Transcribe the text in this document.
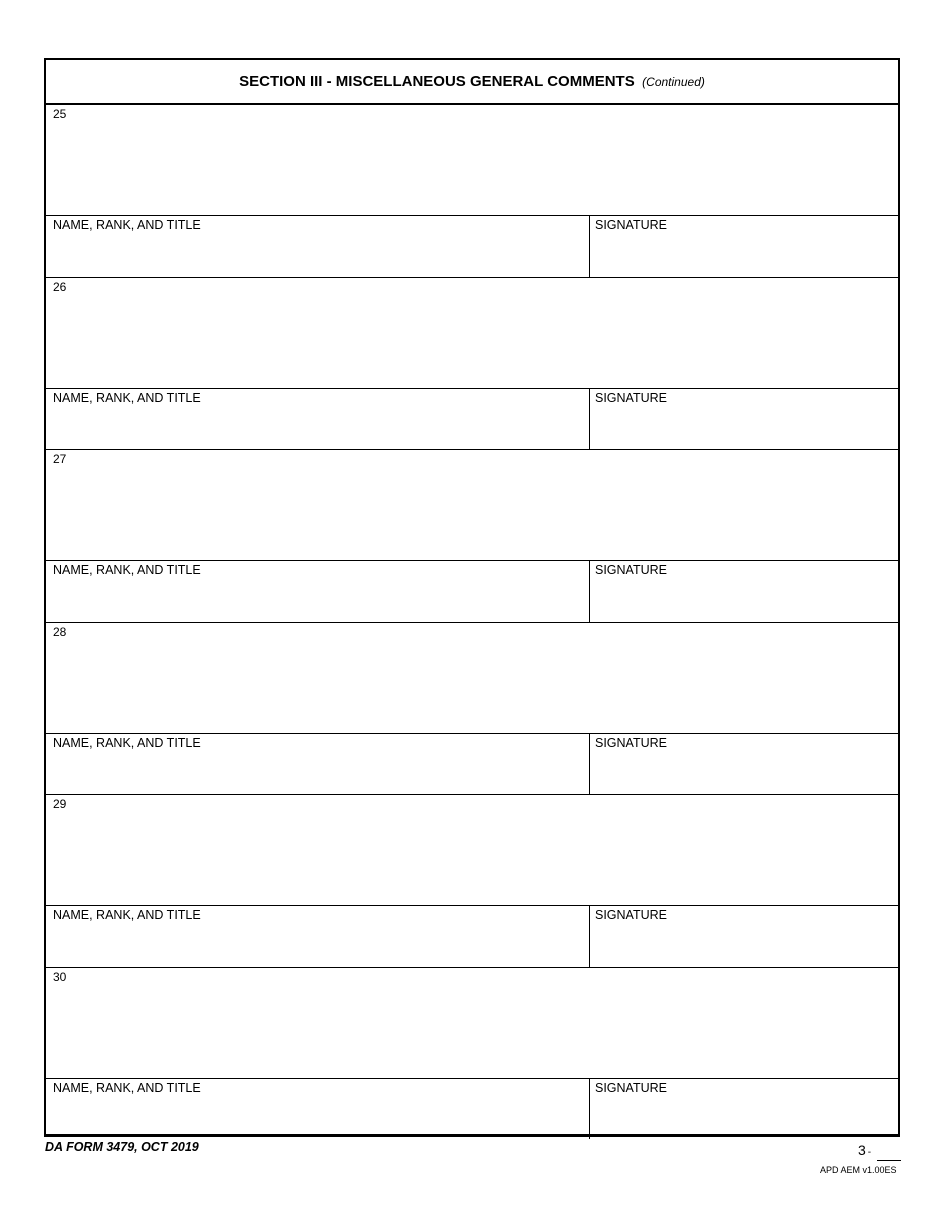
SECTION III - MISCELLANEOUS GENERAL COMMENTS (Continued)
25
NAME, RANK, AND TITLE	SIGNATURE
26
NAME, RANK, AND TITLE	SIGNATURE
27
NAME, RANK, AND TITLE	SIGNATURE
28
NAME, RANK, AND TITLE	SIGNATURE
29
NAME, RANK, AND TITLE	SIGNATURE
30
NAME, RANK, AND TITLE	SIGNATURE
DA FORM 3479, OCT 2019	3 -
APD AEM v1.00ES
